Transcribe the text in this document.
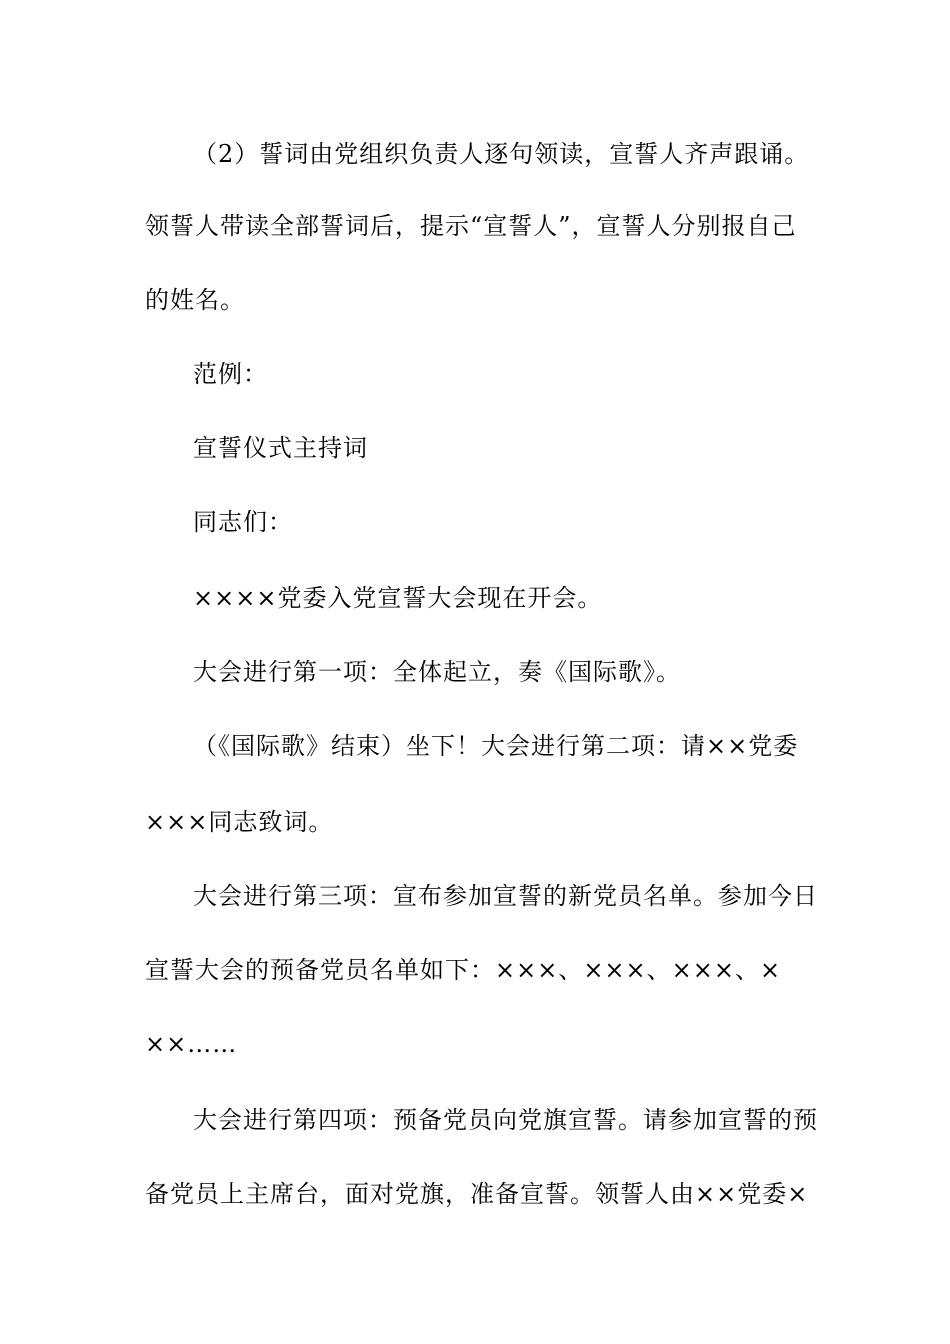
（2）誓词由党组织负责人逐句领读，宣誓人齐声跟诵。
领誓人带读全部誓词后，提示“宣誓人”，宣誓人分别报自己
的姓名。
范例：
宣誓仪式主持词
同志们：
××××党委入党宣誓大会现在开会。
大会进行第一项：全体起立，奏《国际歌》。
（《国际歌》结束）坐下！大会进行第二项：请××党委
×××同志致词。
大会进行第三项：宣布参加宣誓的新党员名单。参加今日
宣誓大会的预备党员名单如下：×××、×××、×××、×
××……
大会进行第四项：预备党员向党旗宣誓。请参加宣誓的预
备党员上主席台，面对党旗，准备宣誓。领誓人由××党委×
